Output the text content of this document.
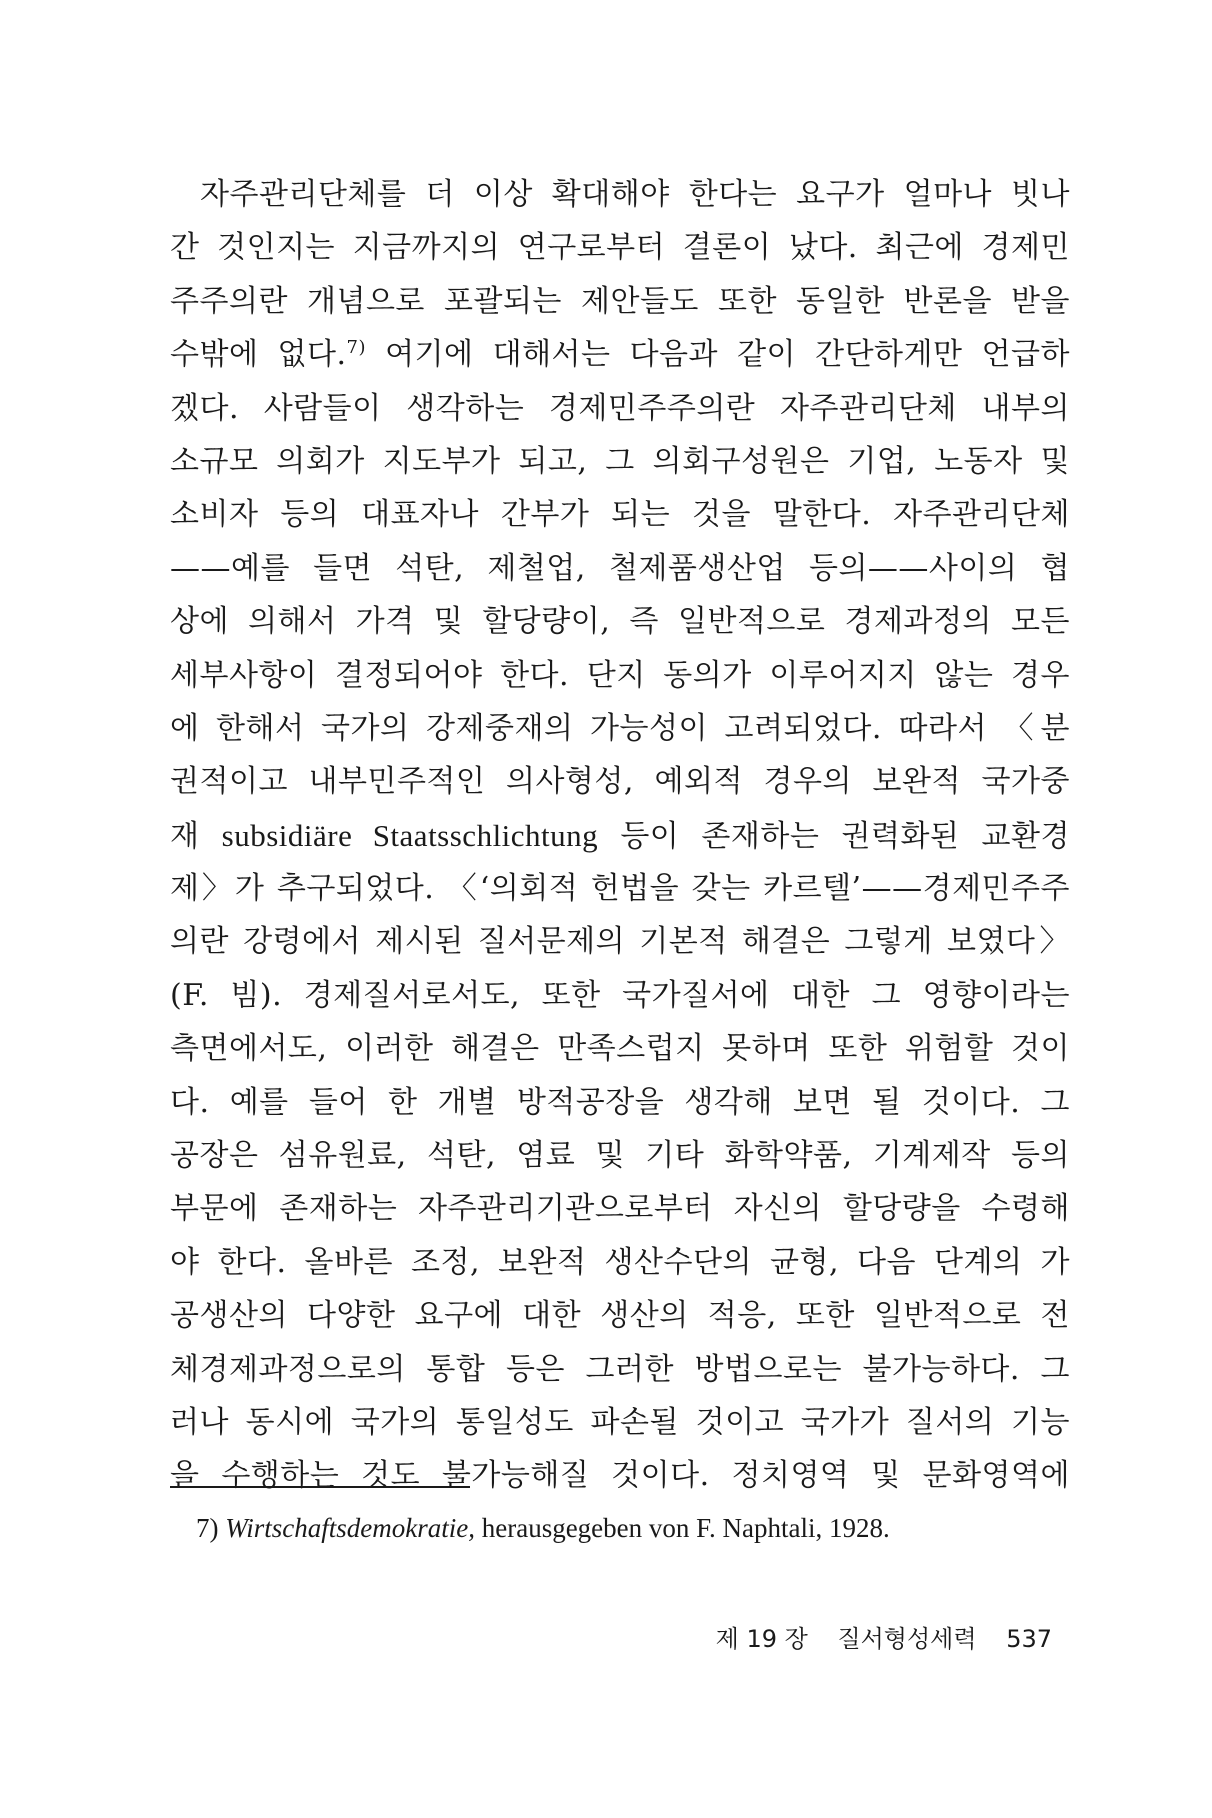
자주관리단체를 더 이상 확대해야 한다는 요구가 얼마나 빗나
간 것인지는 지금까지의 연구로부터 결론이 났다. 최근에 경제민
주주의란 개념으로 포괄되는 제안들도 또한 동일한 반론을 받을
수밖에 없다.$^{7)}$ 여기에 대해서는 다음과 같이 간단하게만 언급하
겠다. 사람들이 생각하는 경제민주주의란 자주관리단체 내부의
소규모 의회가 지도부가 되고, 그 의회구성원은 기업, 노동자 및
소비자 등의 대표자나 간부가 되는 것을 말한다. 자주관리단체
——예를 들면 석탄, 제철업, 철제품생산업 등의——사이의 협
상에 의해서 가격 및 할당량이, 즉 일반적으로 경제과정의 모든
세부사항이 결정되어야 한다. 단지 동의가 이루어지지 않는 경우
에 한해서 국가의 강제중재의 가능성이 고려되었다. 따라서 〈분
권적이고 내부민주적인 의사형성, 예외적 경우의 보완적 국가중
재 subsidiäre Staatsschlichtung 등이 존재하는 권력화된 교환경
제〉가 추구되었다. 〈‘의회적 헌법을 갖는 카르텔’——경제민주주
의란 강령에서 제시된 질서문제의 기본적 해결은 그렇게 보였다〉
(F. 빔). 경제질서로서도, 또한 국가질서에 대한 그 영향이라는
측면에서도, 이러한 해결은 만족스럽지 못하며 또한 위험할 것이
다. 예를 들어 한 개별 방적공장을 생각해 보면 될 것이다. 그
공장은 섬유원료, 석탄, 염료 및 기타 화학약품, 기계제작 등의
부문에 존재하는 자주관리기관으로부터 자신의 할당량을 수령해
야 한다. 올바른 조정, 보완적 생산수단의 균형, 다음 단계의 가
공생산의 다양한 요구에 대한 생산의 적응, 또한 일반적으로 전
체경제과정으로의 통합 등은 그러한 방법으로는 불가능하다. 그
러나 동시에 국가의 통일성도 파손될 것이고 국가가 질서의 기능
을 수행하는 것도 불가능해질 것이다. 정치영역 및 문화영역에
7) Wirtschaftsdemokratie, herausgegeben von F. Naphtali, 1928.
제 19 장 질서형성세력 537
